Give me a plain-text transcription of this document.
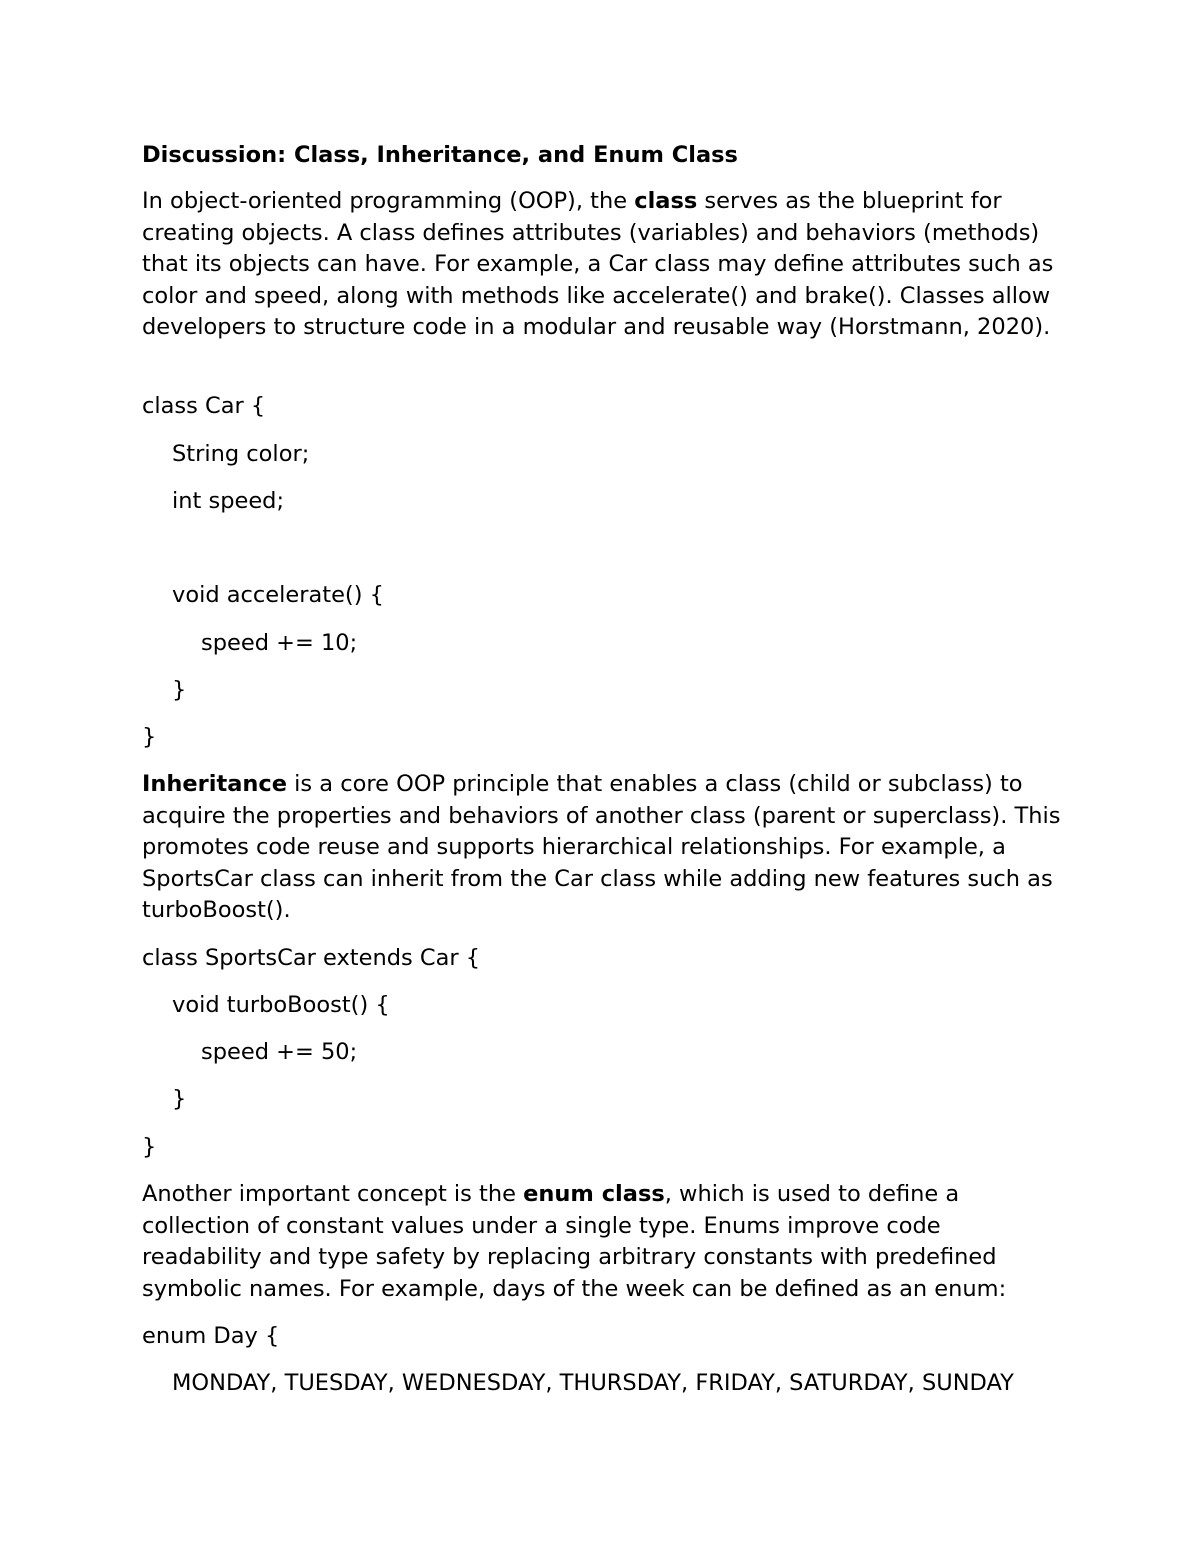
Discussion: Class, Inheritance, and Enum Class
In object-oriented programming (OOP), the class serves as the blueprint for creating objects. A class defines attributes (variables) and behaviors (methods) that its objects can have. For example, a Car class may define attributes such as color and speed, along with methods like accelerate() and brake(). Classes allow developers to structure code in a modular and reusable way (Horstmann, 2020).
class Car {
String color;
int speed;
void accelerate() {
speed += 10;
}
}
Inheritance is a core OOP principle that enables a class (child or subclass) to acquire the properties and behaviors of another class (parent or superclass). This promotes code reuse and supports hierarchical relationships. For example, a SportsCar class can inherit from the Car class while adding new features such as turboBoost().
class SportsCar extends Car {
void turboBoost() {
speed += 50;
}
}
Another important concept is the enum class, which is used to define a collection of constant values under a single type. Enums improve code readability and type safety by replacing arbitrary constants with predefined symbolic names. For example, days of the week can be defined as an enum:
enum Day {
MONDAY, TUESDAY, WEDNESDAY, THURSDAY, FRIDAY, SATURDAY, SUNDAY
